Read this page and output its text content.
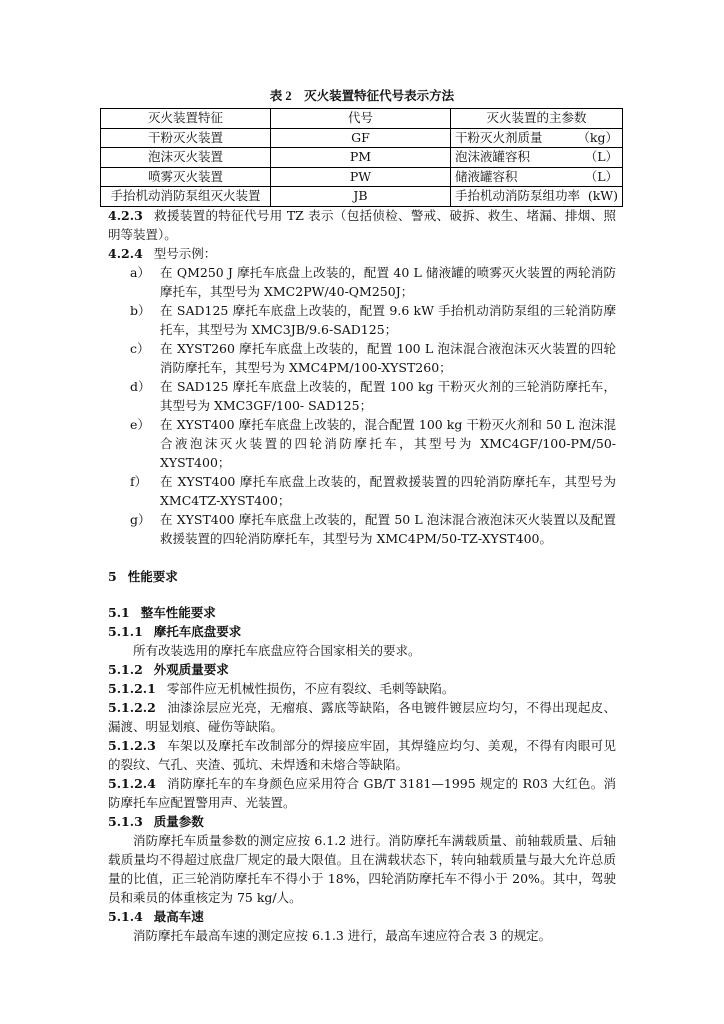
表 2　灭火装置特征代号表示方法
灭火装置特征	代号	灭火装置的主参数
干粉灭火装置	GF	干粉灭火剂质量 （kg）

泡沫灭火装置	PM	泡沫液罐容积 （L）

喷雾灭火装置	PW	储液罐容积 （L）

手抬机动消防泵组灭火装置	JB	手抬机动消防泵组功率 (kW)

4.2.3 救援装置的特征代号用 TZ 表示（包括侦检、警戒、破拆、救生、堵漏、排烟、照明等装置）。

4.2.4 型号示例：

a） 在 QM250 J 摩托车底盘上改装的，配置 40 L 储液罐的喷雾灭火装置的两轮消防摩托车，其型号为 XMC2PW/40-QM250J；

b） 在 SAD125 摩托车底盘上改装的，配置 9.6 kW 手抬机动消防泵组的三轮消防摩托车，其型号为 XMC3JB/9.6-SAD125；

c） 在 XYST260 摩托车底盘上改装的，配置 100 L 泡沫混合液泡沫灭火装置的四轮消防摩托车，其型号为 XMC4PM/100-XYST260；

d） 在 SAD125 摩托车底盘上改装的，配置 100 kg 干粉灭火剂的三轮消防摩托车，其型号为 XMC3GF/100- SAD125；

e） 在 XYST400 摩托车底盘上改装的，混合配置 100 kg 干粉灭火剂和 50 L 泡沫混合液泡沫灭火装置的四轮消防摩托车，其型号为 XMC4GF/100-PM/50-XYST400；

f） 在 XYST400 摩托车底盘上改装的，配置救援装置的四轮消防摩托车，其型号为 XMC4TZ-XYST400；

g） 在 XYST400 摩托车底盘上改装的，配置 50 L 泡沫混合液泡沫灭火装置以及配置救援装置的四轮消防摩托车，其型号为 XMC4PM/50-TZ-XYST400。

5 性能要求

5.1 整车性能要求

5.1.1 摩托车底盘要求

所有改装选用的摩托车底盘应符合国家相关的要求。

5.1.2 外观质量要求

5.1.2.1 零部件应无机械性损伤，不应有裂纹、毛刺等缺陷。

5.1.2.2 油漆涂层应光亮，无瘤痕、露底等缺陷，各电镀件镀层应均匀，不得出现起皮、漏渡、明显划痕、碰伤等缺陷。

5.1.2.3 车架以及摩托车改制部分的焊接应牢固，其焊缝应均匀、美观，不得有肉眼可见的裂纹、气孔、夹渣、弧坑、未焊透和未熔合等缺陷。

5.1.2.4 消防摩托车的车身颜色应采用符合 GB/T 3181—1995 规定的 R03 大红色。消防摩托车应配置警用声、光装置。

5.1.3 质量参数

消防摩托车质量参数的测定应按 6.1.2 进行。消防摩托车满载质量、前轴载质量、后轴载质量均不得超过底盘厂规定的最大限值。且在满载状态下，转向轴载质量与最大允许总质量的比值，正三轮消防摩托车不得小于 18%，四轮消防摩托车不得小于 20%。其中，驾驶员和乘员的体重核定为 75 kg/人。

5.1.4 最高车速

消防摩托车最高车速的测定应按 6.1.3 进行，最高车速应符合表 3 的规定。
